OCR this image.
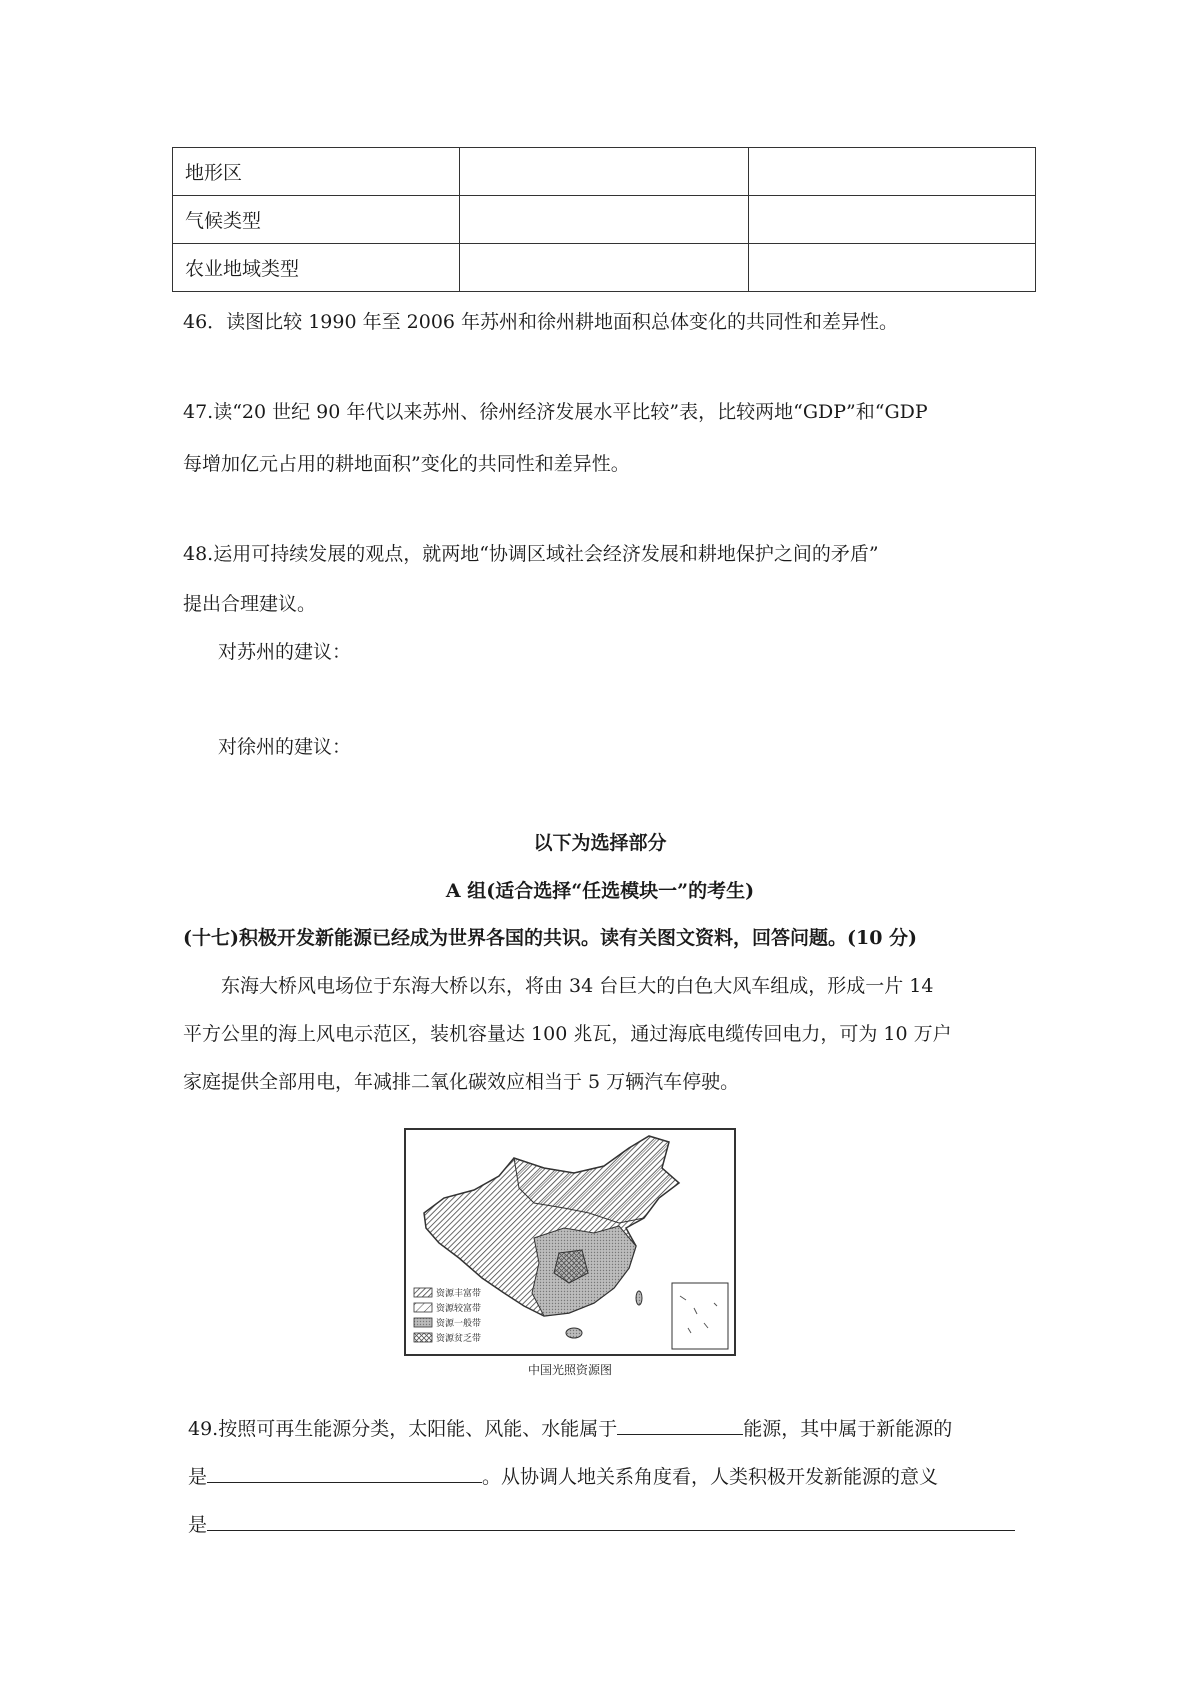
地形区		
气候类型		
农业地域类型		
46．读图比较 1990 年至 2006 年苏州和徐州耕地面积总体变化的共同性和差异性。
47.读“20 世纪 90 年代以来苏州、徐州经济发展水平比较”表，比较两地“GDP”和“GDP
每增加亿元占用的耕地面积”变化的共同性和差异性。
48.运用可持续发展的观点，就两地“协调区域社会经济发展和耕地保护之间的矛盾”
提出合理建议。
对苏州的建议：
对徐州的建议：
以下为选择部分
A 组(适合选择“任选模块一”的考生)
(十七)积极开发新能源已经成为世界各国的共识。读有关图文资料，回答问题。(10 分)
东海大桥风电场位于东海大桥以东，将由 34 台巨大的白色大风车组成，形成一片 14
平方公里的海上风电示范区，装机容量达 100 兆瓦，通过海底电缆传回电力，可为 10 万户
家庭提供全部用电，年减排二氧化碳效应相当于 5 万辆汽车停驶。
资源丰富带
资源较富带
资源一般带
资源贫乏带
中国光照资源图
49.按照可再生能源分类，太阳能、风能、水能属于	能源，其中属于新能源的
是	。从协调人地关系角度看，人类积极开发新能源的意义
是
